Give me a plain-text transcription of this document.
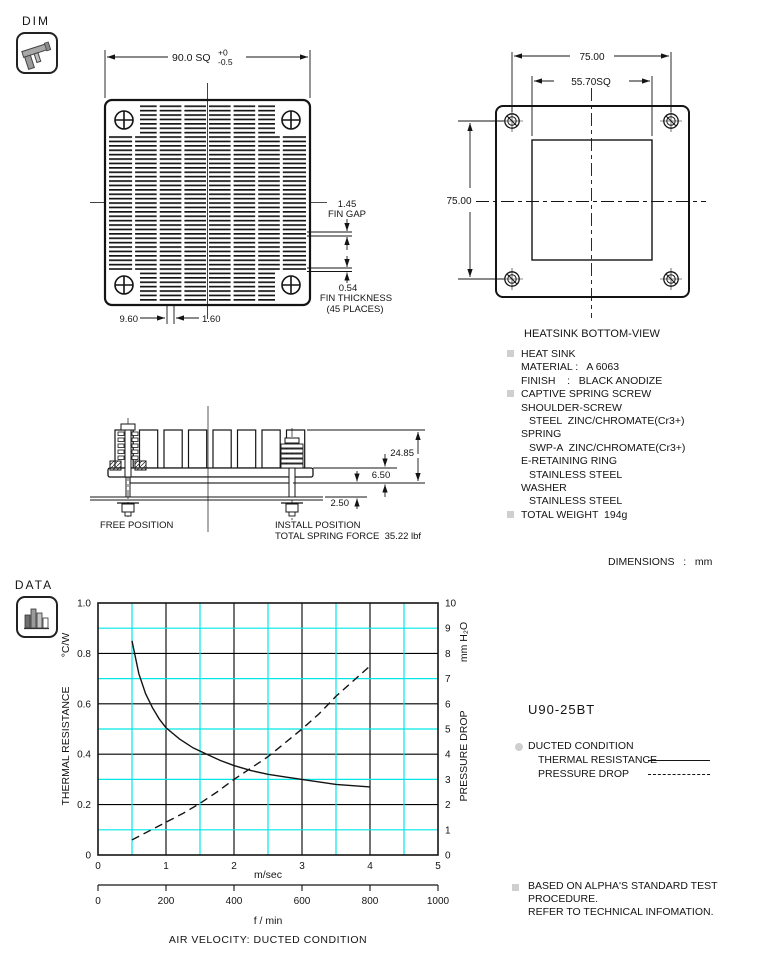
DIM
90.0 SQ +0
-0.5
1.45
FIN GAP
0.54
FIN THICKNESS
(45 PLACES)
9.60	1.60
75.00
55.70SQ
75.00
HEATSINK BOTTOM-VIEW
HEAT SINK
MATERIAL :   A 6063
FINISH    :   BLACK ANODIZE
CAPTIVE SPRING SCREW
SHOULDER-SCREW
STEEL  ZINC/CHROMATE(Cr3+)
SPRING
SWP-A  ZINC/CHROMATE(Cr3+)
E-RETAINING RING
STAINLESS STEEL
WASHER
STAINLESS STEEL
TOTAL WEIGHT  194g
DIMENSIONS   :   mm
24.85
6.50
2.50
FREE POSITION	INSTALL POSITION
TOTAL SPRING FORCE  35.22 lbf
DATA
0	1	2	3	4	5
0
0.2
0.4
0.6
0.8
1.0
0
1
2
3
4
5
6
7
8
9
10
0	200	400	600	800	1000
m/sec
f / min
AIR VELOCITY: DUCTED CONDITION
THERMAL RESISTANCE
°C/W
PRESSURE DROP
mm H₂O
U90-25BT
DUCTED CONDITION
THERMAL RESISTANCE
PRESSURE DROP
BASED ON ALPHA'S STANDARD TEST
PROCEDURE.
REFER TO TECHNICAL INFOMATION.
